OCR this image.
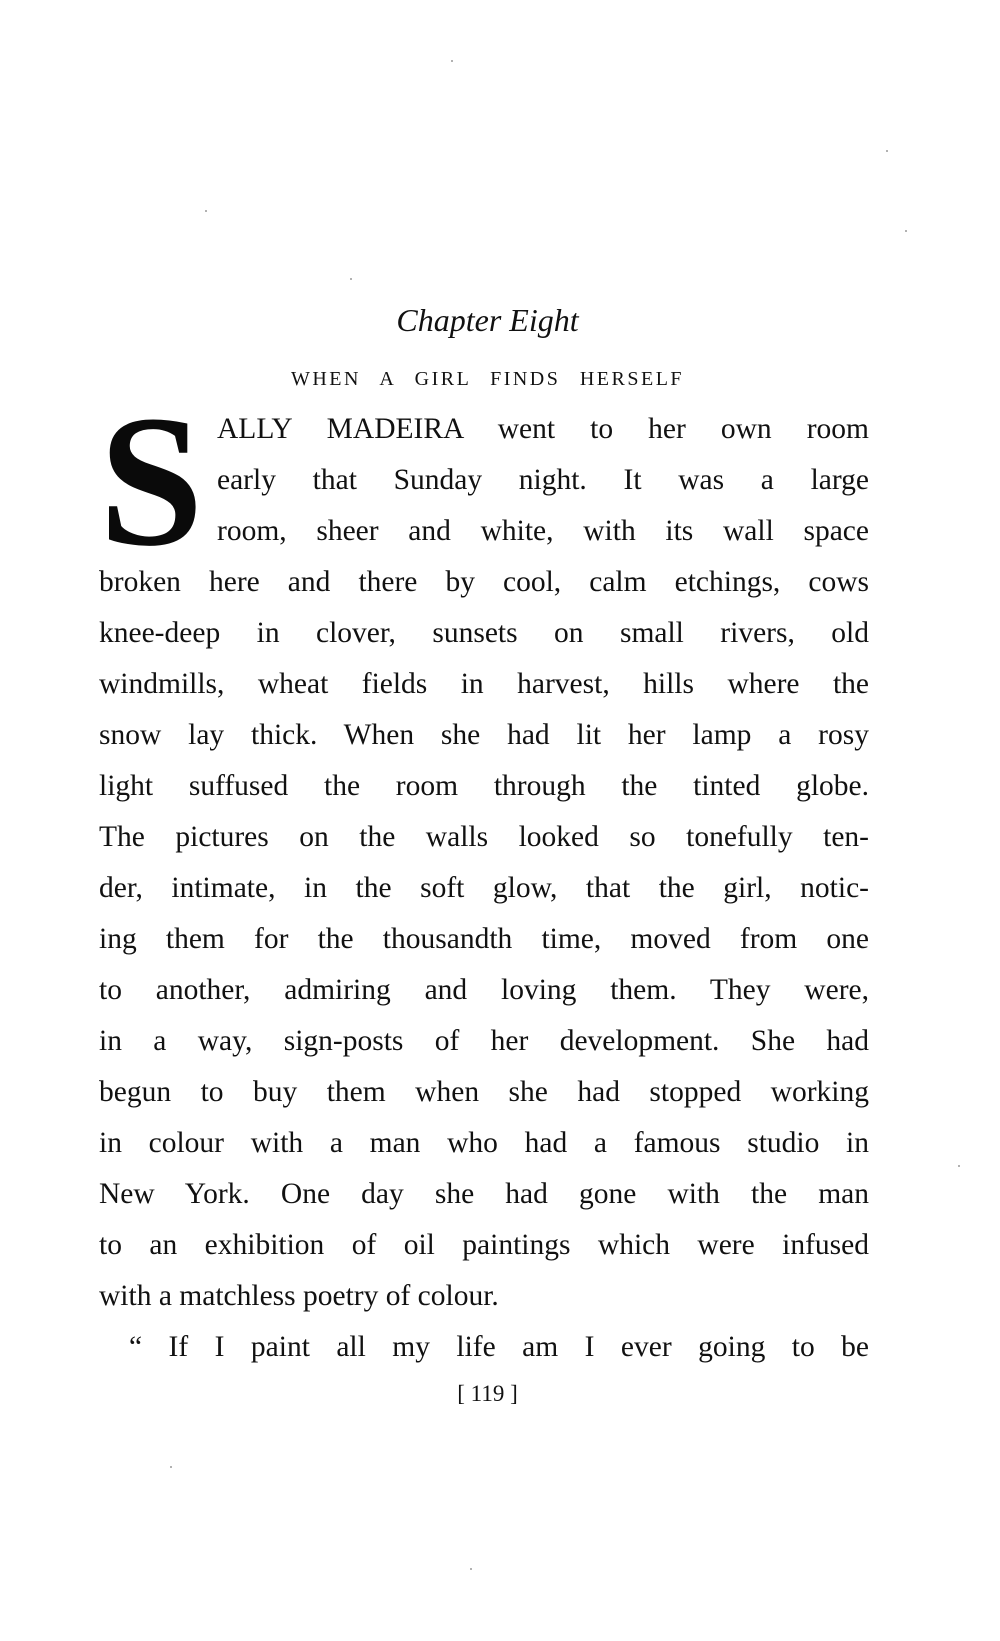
Chapter Eight
WHEN A GIRL FINDS HERSELF
S ALLY MADEIRA went to her own room
early that Sunday night. It was a large
room, sheer and white, with its wall space
broken here and there by cool, calm etchings, cows
knee-deep in clover, sunsets on small rivers, old
windmills, wheat fields in harvest, hills where the
snow lay thick. When she had lit her lamp a rosy
light suffused the room through the tinted globe.
The pictures on the walls looked so tonefully ten-
der, intimate, in the soft glow, that the girl, notic-
ing them for the thousandth time, moved from one
to another, admiring and loving them. They were,
in a way, sign-posts of her development. She had
begun to buy them when she had stopped working
in colour with a man who had a famous studio in
New York. One day she had gone with the man
to an exhibition of oil paintings which were infused
with a matchless poetry of colour.
“ If I paint all my life am I ever going to be
[ 119 ]
